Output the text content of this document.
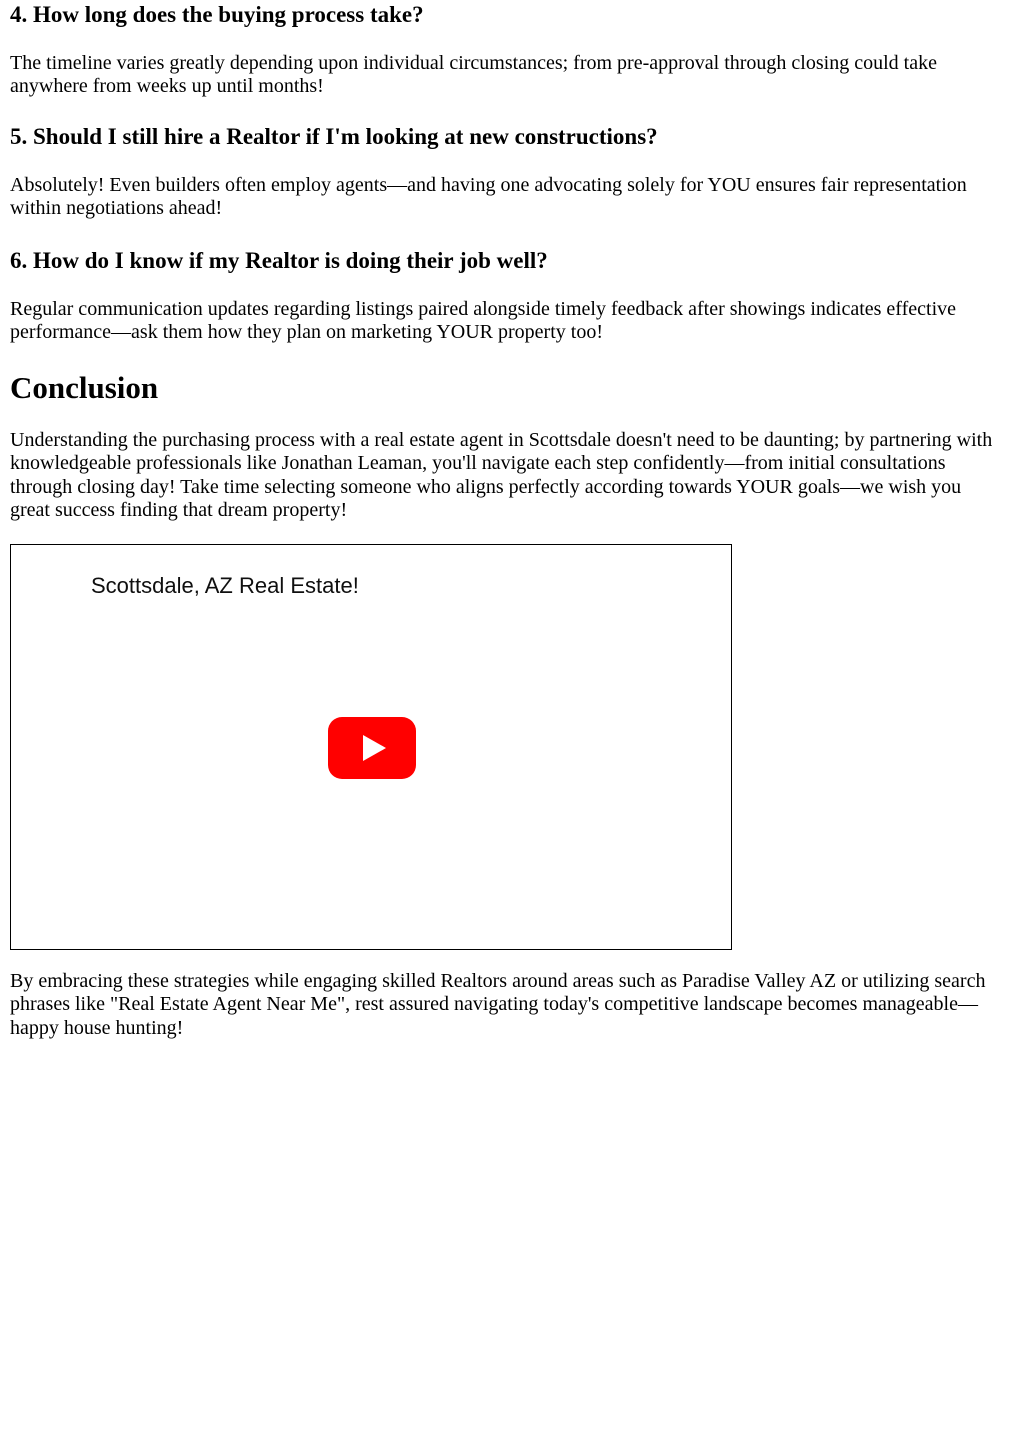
4. How long does the buying process take?

The timeline varies greatly depending upon individual circumstances; from pre-approval through closing could take anywhere from weeks up until months!

5. Should I still hire a Realtor if I'm looking at new constructions?

Absolutely! Even builders often employ agents—and having one advocating solely for YOU ensures fair representation within negotiations ahead!

6. How do I know if my Realtor is doing their job well?

Regular communication updates regarding listings paired alongside timely feedback after showings indicates effective performance—ask them how they plan on marketing YOUR property too!

Conclusion

Understanding the purchasing process with a real estate agent in Scottsdale doesn't need to be daunting; by partnering with knowledgeable professionals like Jonathan Leaman, you'll navigate each step confidently—from initial consultations through closing day! Take time selecting someone who aligns perfectly according towards YOUR goals—we wish you great success finding that dream property!

Scottsdale, AZ Real Estate!

By embracing these strategies while engaging skilled Realtors around areas such as Paradise Valley AZ or utilizing search phrases like "Real Estate Agent Near Me", rest assured navigating today's competitive landscape becomes manageable—happy house hunting!
